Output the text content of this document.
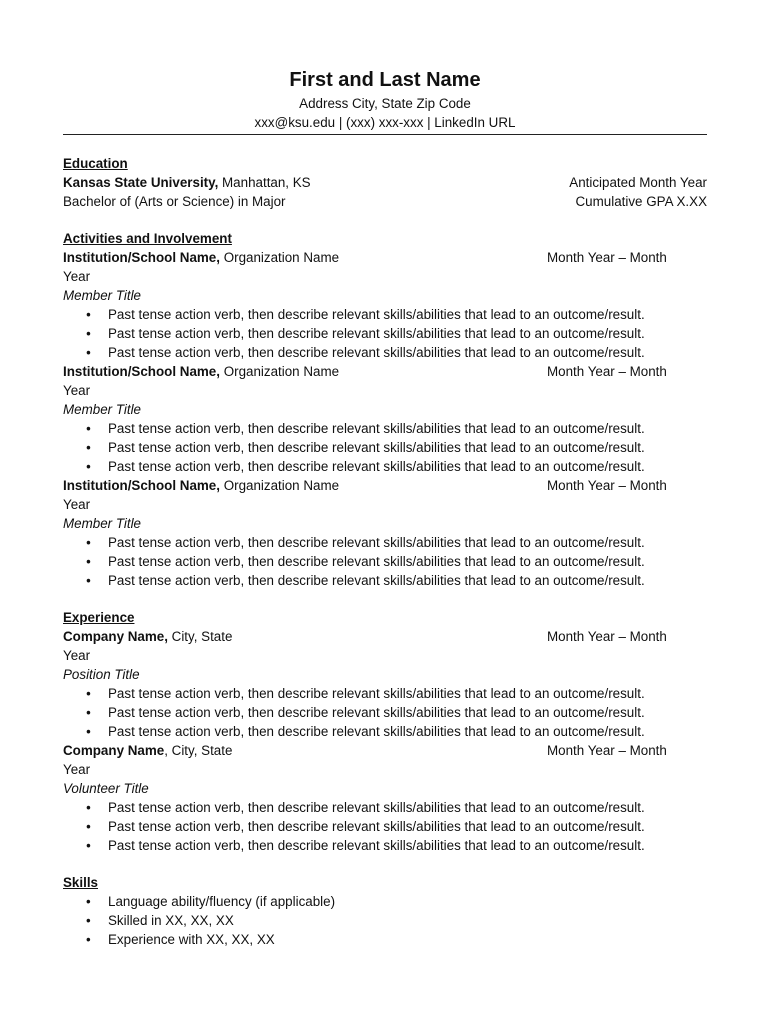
First and Last Name
Address City, State Zip Code
xxx@ksu.edu | (xxx) xxx-xxx | LinkedIn URL
Education
Kansas State University, Manhattan, KS	Anticipated Month Year
Bachelor of (Arts or Science) in Major	Cumulative GPA X.XX
Activities and Involvement
Institution/School Name, Organization Name	Month Year – Month
Year
Member Title
• Past tense action verb, then describe relevant skills/abilities that lead to an outcome/result.
• Past tense action verb, then describe relevant skills/abilities that lead to an outcome/result.
• Past tense action verb, then describe relevant skills/abilities that lead to an outcome/result.
Institution/School Name, Organization Name	Month Year – Month
Year
Member Title
• Past tense action verb, then describe relevant skills/abilities that lead to an outcome/result.
• Past tense action verb, then describe relevant skills/abilities that lead to an outcome/result.
• Past tense action verb, then describe relevant skills/abilities that lead to an outcome/result.
Institution/School Name, Organization Name	Month Year – Month
Year
Member Title
• Past tense action verb, then describe relevant skills/abilities that lead to an outcome/result.
• Past tense action verb, then describe relevant skills/abilities that lead to an outcome/result.
• Past tense action verb, then describe relevant skills/abilities that lead to an outcome/result.
Experience
Company Name, City, State	Month Year – Month
Year
Position Title
• Past tense action verb, then describe relevant skills/abilities that lead to an outcome/result.
• Past tense action verb, then describe relevant skills/abilities that lead to an outcome/result.
• Past tense action verb, then describe relevant skills/abilities that lead to an outcome/result.
Company Name, City, State	Month Year – Month
Year
Volunteer Title
• Past tense action verb, then describe relevant skills/abilities that lead to an outcome/result.
• Past tense action verb, then describe relevant skills/abilities that lead to an outcome/result.
• Past tense action verb, then describe relevant skills/abilities that lead to an outcome/result.
Skills
• Language ability/fluency (if applicable)
• Skilled in XX, XX, XX
• Experience with XX, XX, XX
